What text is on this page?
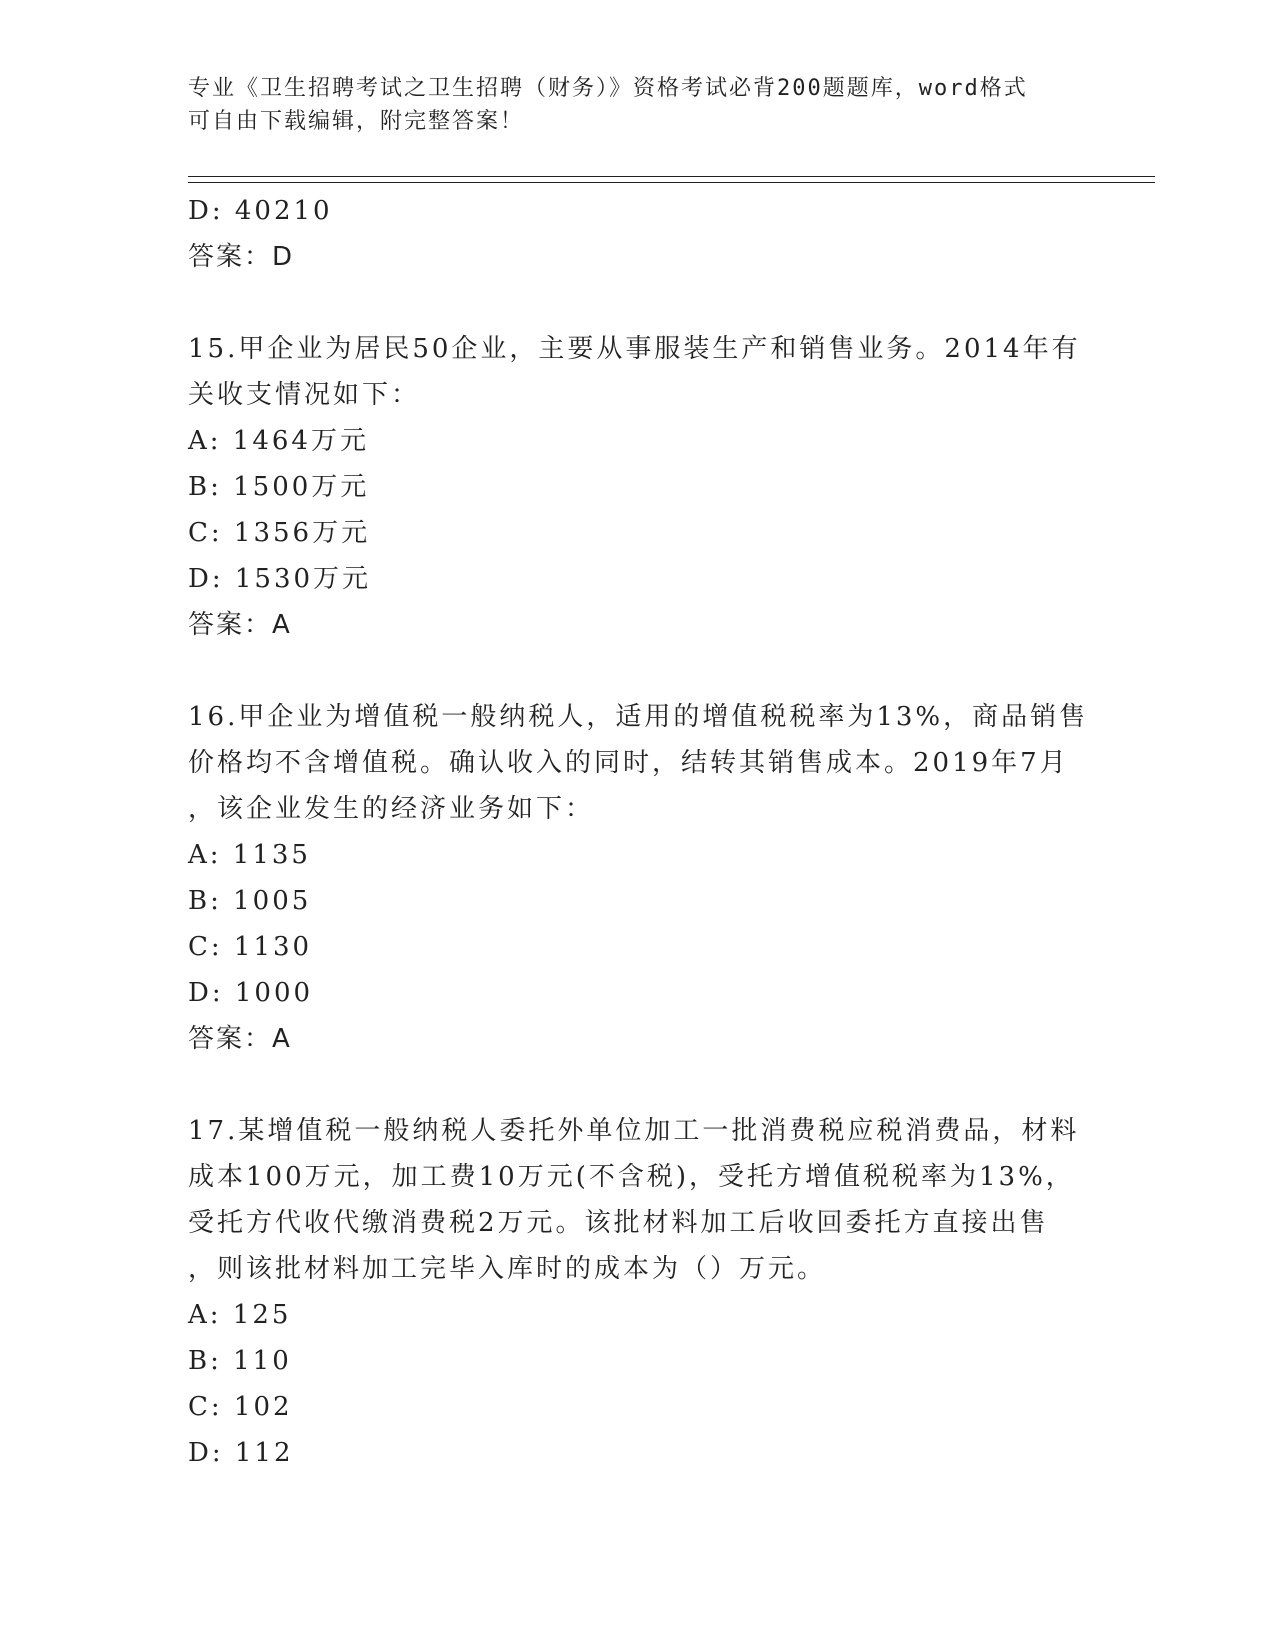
专业《卫生招聘考试之卫生招聘（财务）》资格考试必背200题题库，word格式
可自由下载编辑，附完整答案！
D: 40210
答案：D
15.甲企业为居民50企业，主要从事服装生产和销售业务。2014年有
关收支情况如下：
A: 1464万元
B: 1500万元
C: 1356万元
D: 1530万元
答案：A
16.甲企业为增值税一般纳税人，适用的增值税税率为13%，商品销售
价格均不含增值税。确认收入的同时，结转其销售成本。2019年7月
，该企业发生的经济业务如下：
A: 1135
B: 1005
C: 1130
D: 1000
答案：A
17.某增值税一般纳税人委托外单位加工一批消费税应税消费品，材料
成本100万元，加工费10万元(不含税)，受托方增值税税率为13%，
受托方代收代缴消费税2万元。该批材料加工后收回委托方直接出售
，则该批材料加工完毕入库时的成本为（）万元。
A: 125
B: 110
C: 102
D: 112
